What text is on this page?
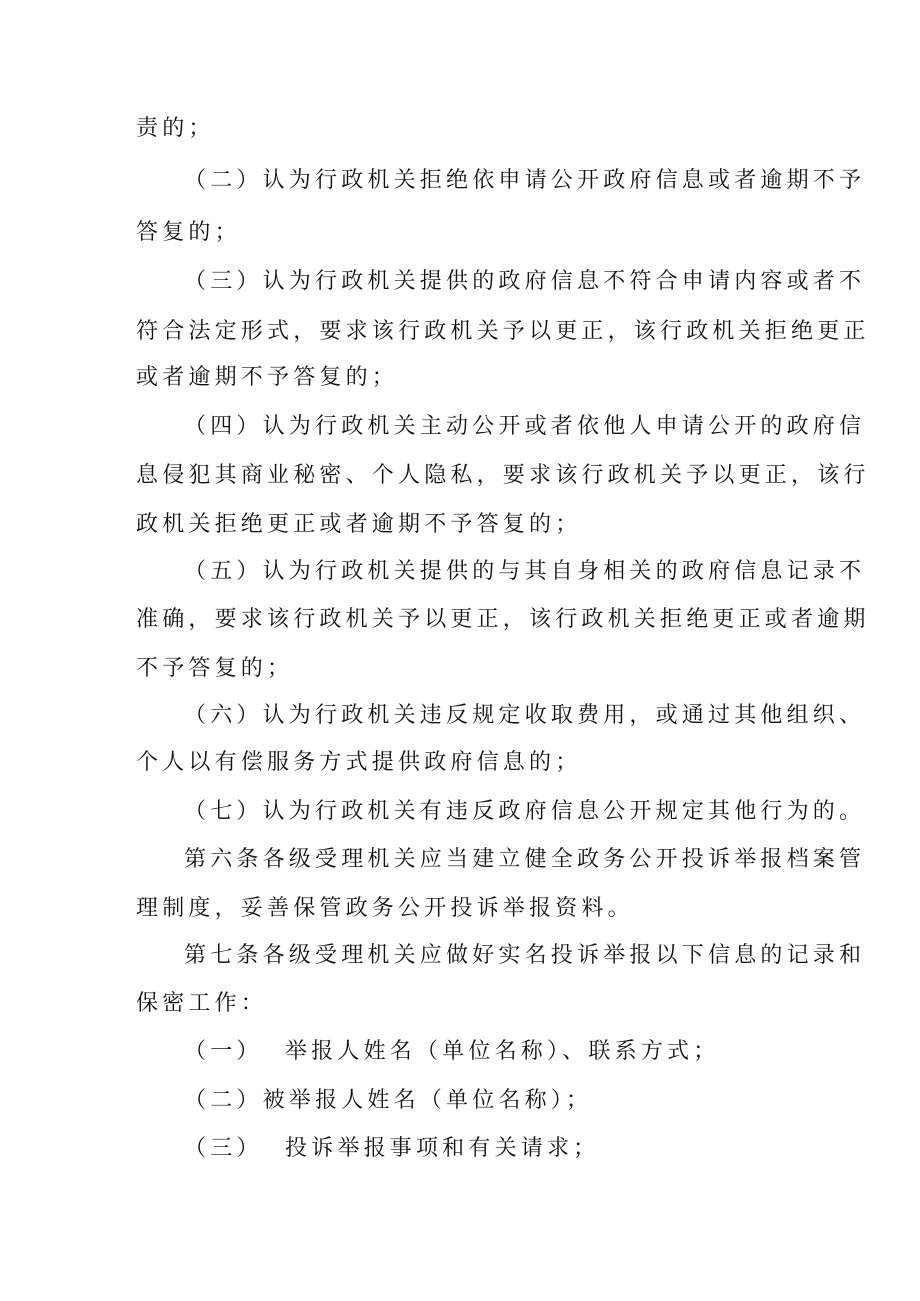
责的；
（二）认为行政机关拒绝依申请公开政府信息或者逾期不予
答复的；
（三）认为行政机关提供的政府信息不符合申请内容或者不
符合法定形式，要求该行政机关予以更正，该行政机关拒绝更正
或者逾期不予答复的；
（四）认为行政机关主动公开或者依他人申请公开的政府信
息侵犯其商业秘密、个人隐私，要求该行政机关予以更正，该行
政机关拒绝更正或者逾期不予答复的；
（五）认为行政机关提供的与其自身相关的政府信息记录不
准确，要求该行政机关予以更正，该行政机关拒绝更正或者逾期
不予答复的；
（六）认为行政机关违反规定收取费用，或通过其他组织、
个人以有偿服务方式提供政府信息的；
（七）认为行政机关有违反政府信息公开规定其他行为的。
第六条各级受理机关应当建立健全政务公开投诉举报档案管
理制度，妥善保管政务公开投诉举报资料。
第七条各级受理机关应做好实名投诉举报以下信息的记录和
保密工作：
（一）  举报人姓名（单位名称）、联系方式；
（二）被举报人姓名（单位名称）；
（三）  投诉举报事项和有关请求；
